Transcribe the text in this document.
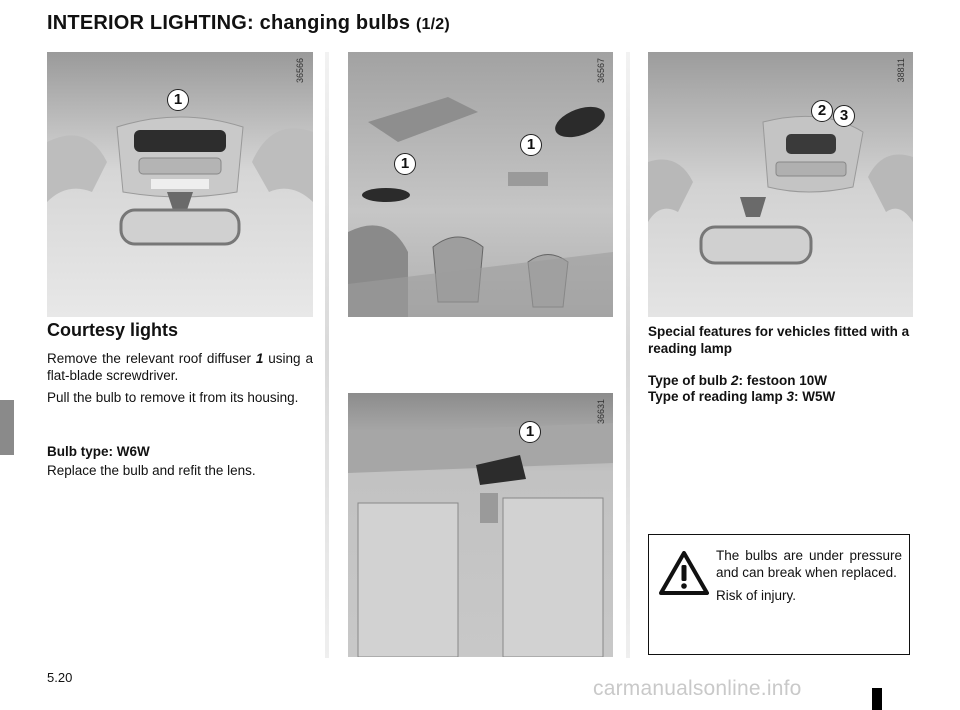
INTERIOR LIGHTING: changing bulbs (1/2)
36566
1
36567
1
1
36631
1
38811
2 3
Courtesy lights
Remove the relevant roof diffuser 1 using a flat-blade screwdriver.
Pull the bulb to remove it from its housing.
Bulb type: W6W
Replace the bulb and refit the lens.
Special features for vehicles fitted with a reading lamp
Type of bulb 2: festoon 10W
Type of reading lamp 3: W5W
The bulbs are under pressure and can break when replaced.
Risk of injury.
5.20	carmanualsonline.info
